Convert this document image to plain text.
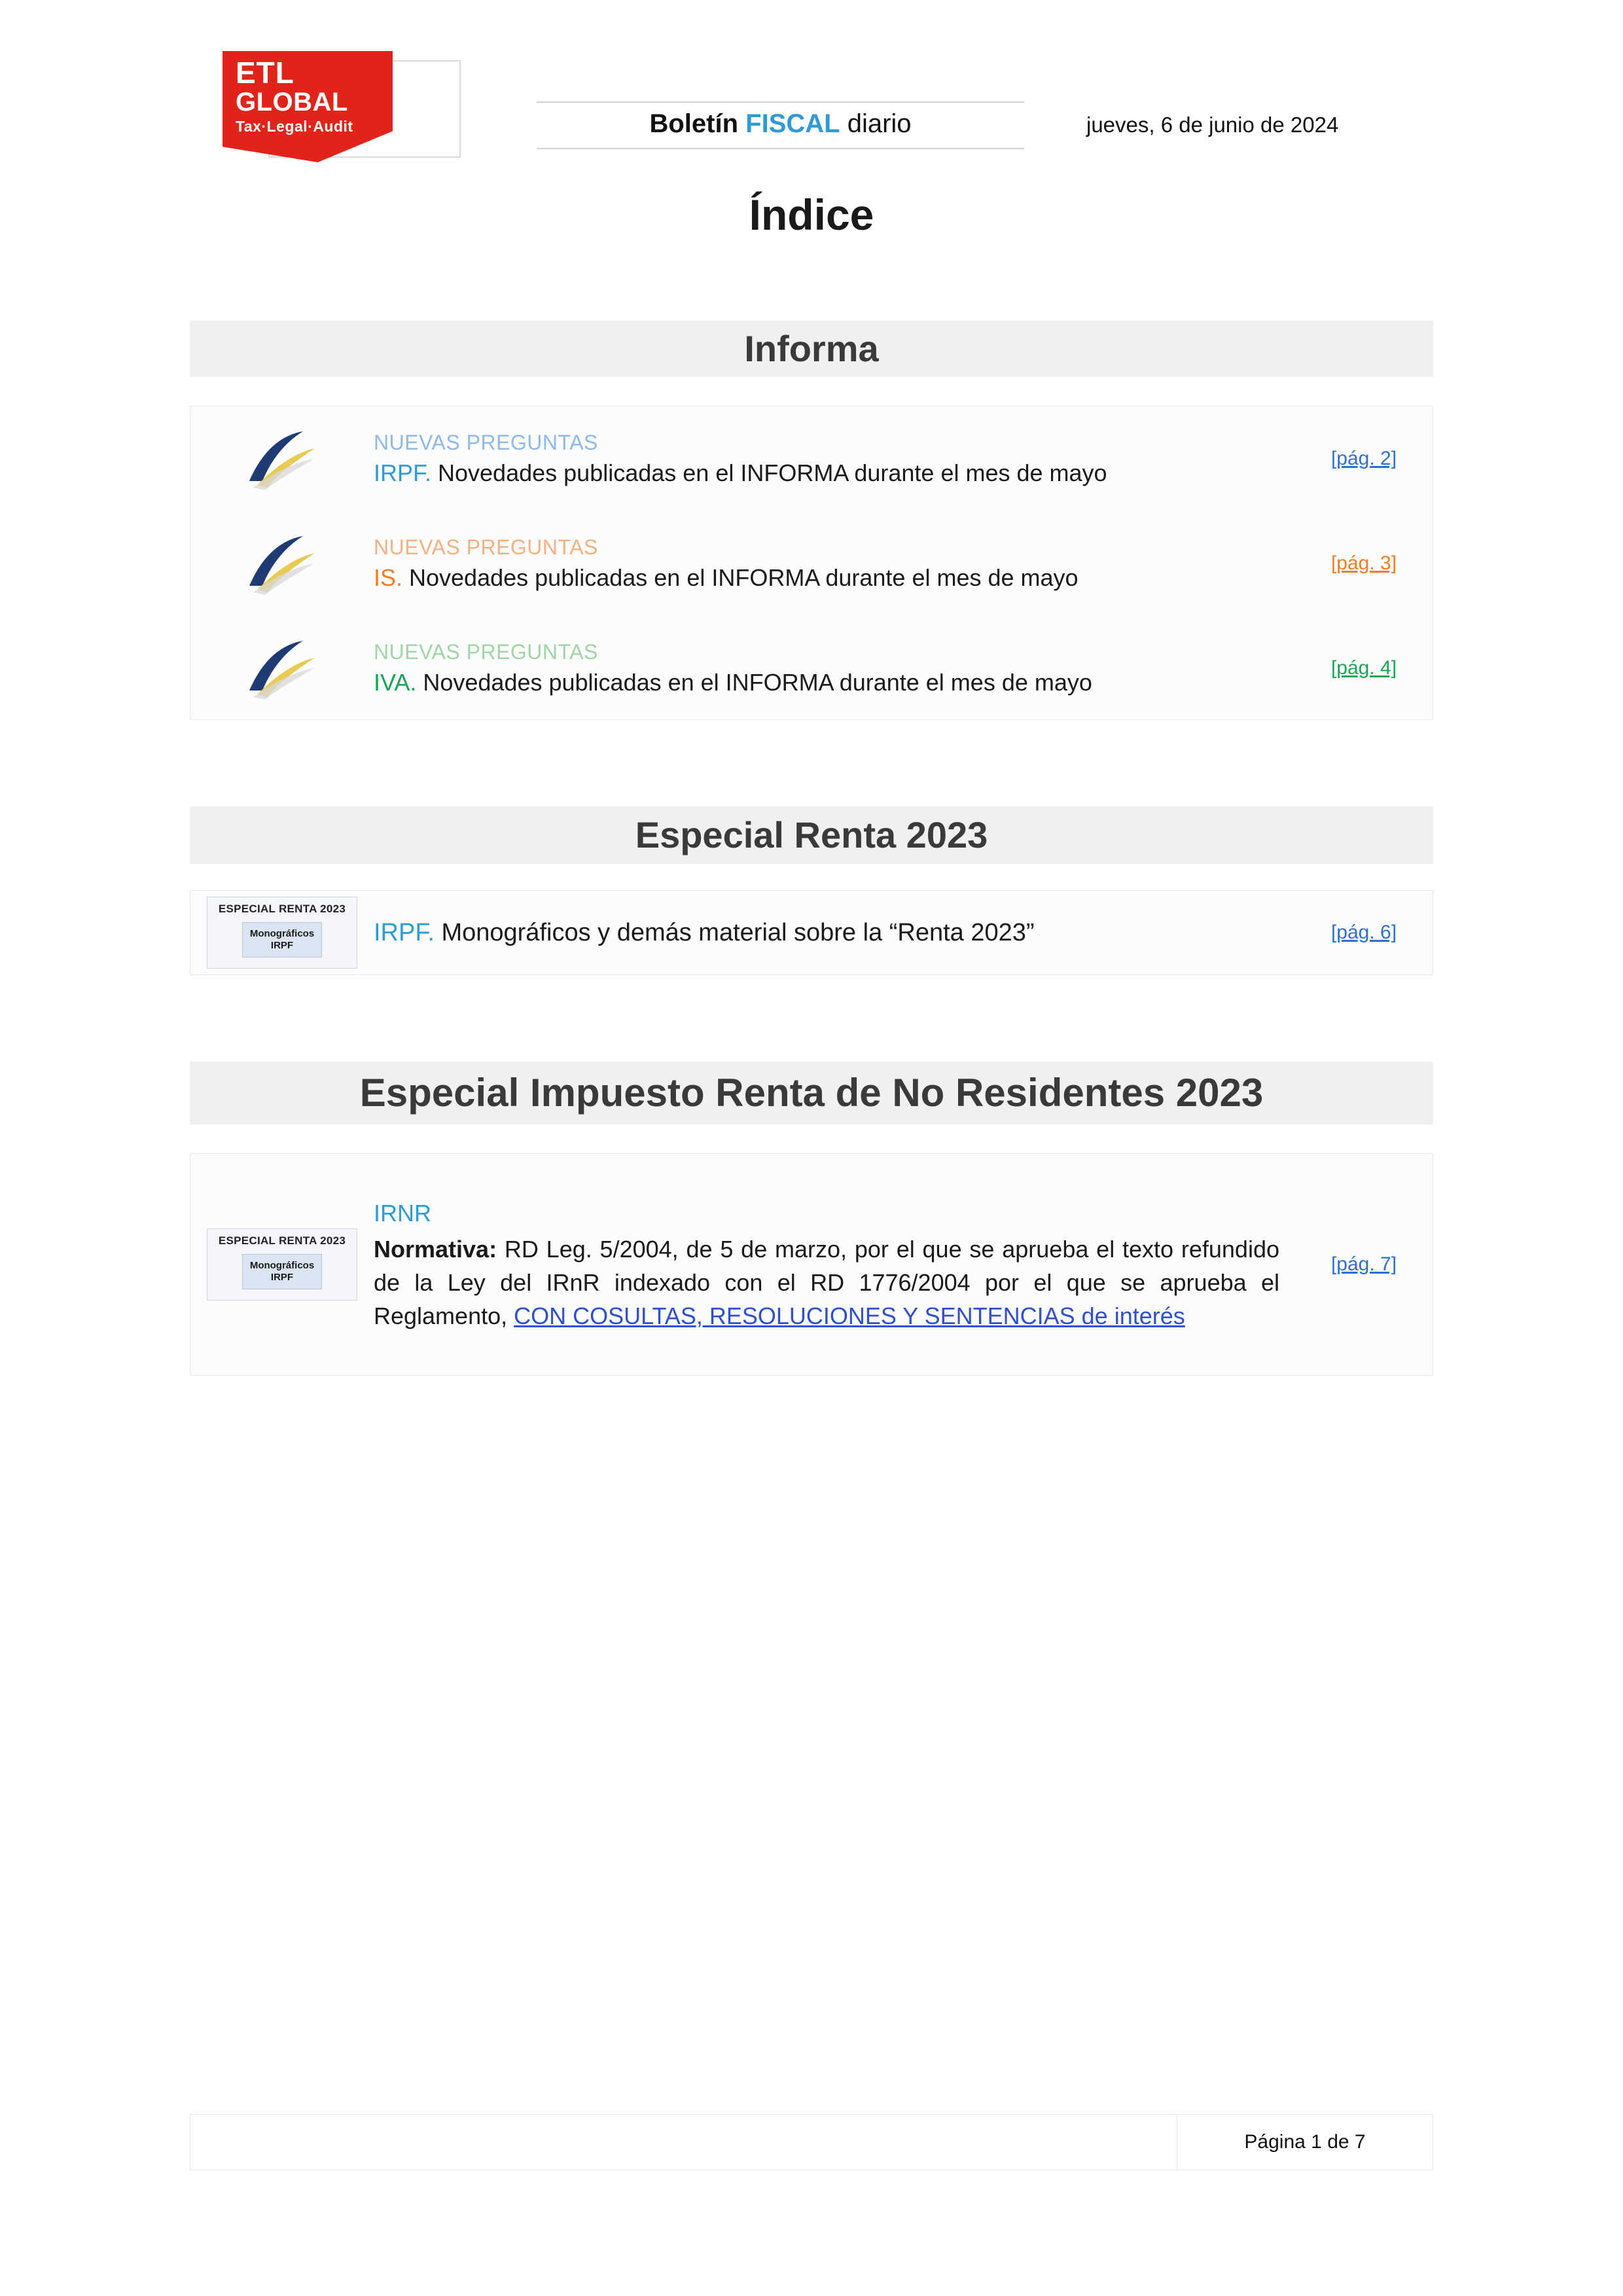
ETL
GLOBAL
Tax·Legal·Audit	Boletín FISCAL diario	jueves, 6 de junio de 2024
Índice
Informa
NUEVAS PREGUNTAS
IRPF. Novedades publicadas en el INFORMA durante el mes de mayo
[pág. 2]
NUEVAS PREGUNTAS
IS. Novedades publicadas en el INFORMA durante el mes de mayo
[pág. 3]
NUEVAS PREGUNTAS
IVA. Novedades publicadas en el INFORMA durante el mes de mayo
[pág. 4]
Especial Renta 2023
ESPECIAL RENTA 2023
Monográficos
IRPF	IRPF. Monográficos y demás material sobre la “Renta 2023”	[pág. 6]
Especial Impuesto Renta de No Residentes 2023
ESPECIAL RENTA 2023
Monográficos
IRPF
IRNR
Normativa: RD Leg. 5/2004, de 5 de marzo, por el que se aprueba el texto refundido de la Ley del IRnR indexado con el RD 1776/2004 por el que se aprueba el Reglamento, CON COSULTAS, RESOLUCIONES Y SENTENCIAS de interés
[pág. 7]
Página 1 de 7
